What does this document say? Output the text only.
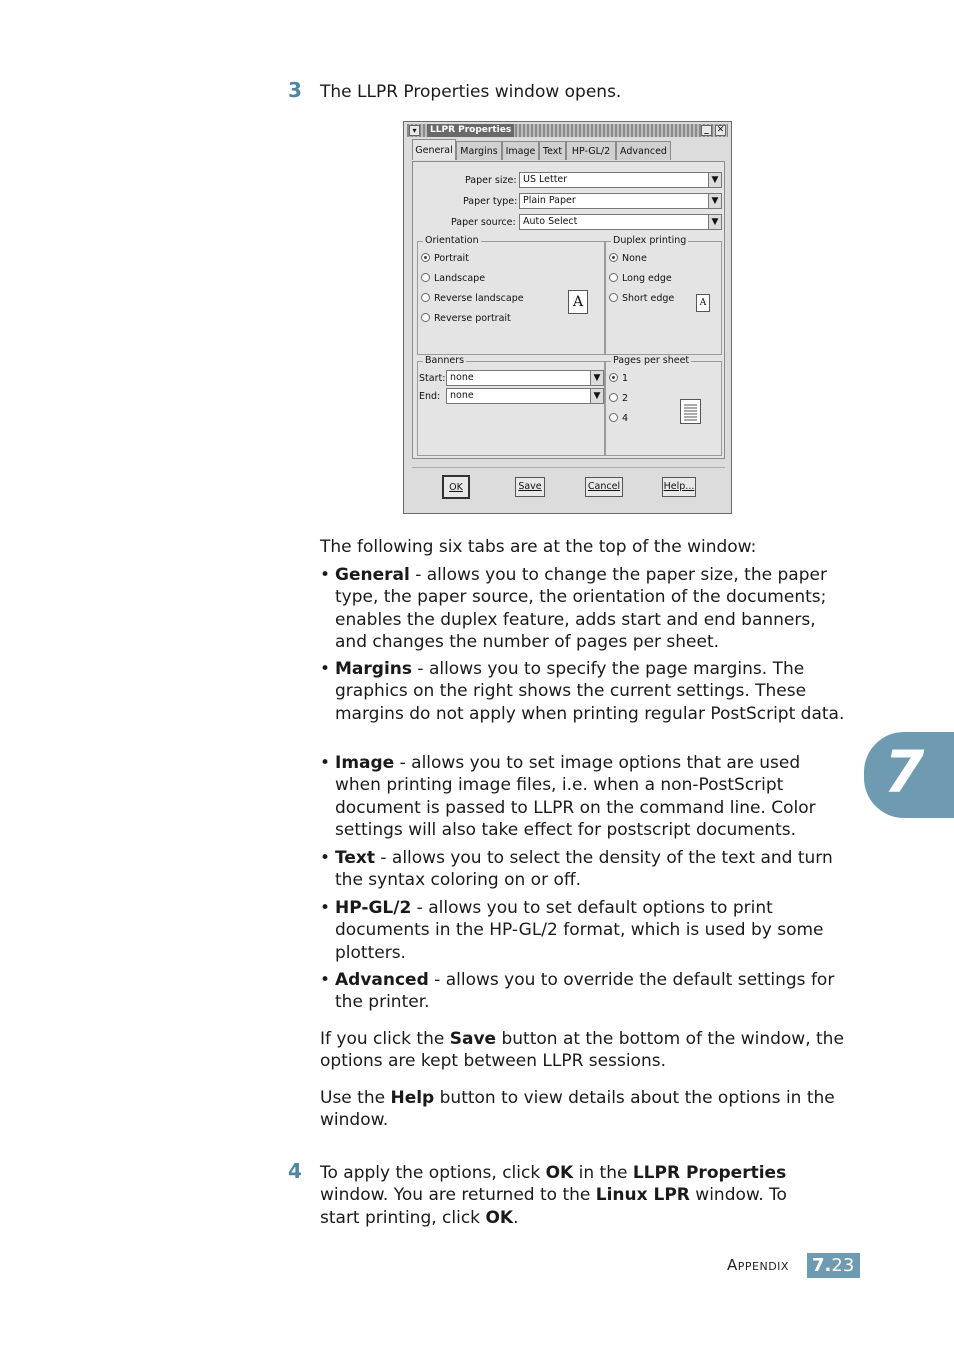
3 The LLPR Properties window opens.
▾	LLPR Properties	_ ✕
General Margins Image Text	HP-GL/2	Advanced
Paper size: US Letter	▼
Paper type: Plain Paper	▼
Paper source: Auto Select	▼
Orientation
Portrait
Landscape
Reverse landscape
Reverse portrait
A
Duplex printing
None
Long edge
Short edge	A
Banners
Start: none	▼
End:	none	▼
Pages per sheet
1
2
4
OK	Save	Cancel	Help...
The following six tabs are at the top of the window:
• General - allows you to change the paper size, the paper type, the paper source, the orientation of the documents; enables the duplex feature, adds start and end banners, and changes the number of pages per sheet.
• Margins - allows you to specify the page margins. The graphics on the right shows the current settings. These margins do not apply when printing regular PostScript data.
• Image - allows you to set image options that are used when printing image files, i.e. when a non-PostScript document is passed to LLPR on the command line. Color settings will also take effect for postscript documents.
• Text - allows you to select the density of the text and turn the syntax coloring on or off.
• HP-GL/2 - allows you to set default options to print documents in the HP-GL/2 format, which is used by some plotters.
• Advanced - allows you to override the default settings for the printer.
If you click the Save button at the bottom of the window, the options are kept between LLPR sessions.
Use the Help button to view details about the options in the window.
4 To apply the options, click OK in the LLPR Properties
window. You are returned to the Linux LPR window. To
start printing, click OK.
7
APPENDIX 7.23
